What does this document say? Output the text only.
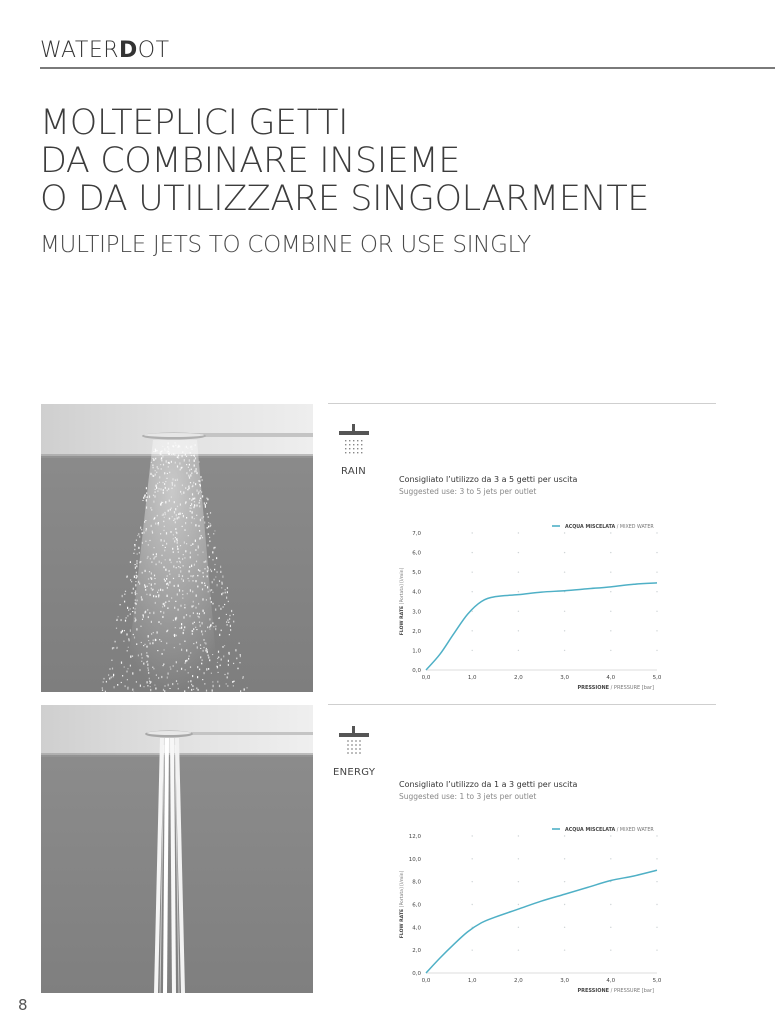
WATERDOT
MOLTEPLICI GETTI
DA COMBINARE INSIEME
O DA UTILIZZARE SINGOLARMENTE
MULTIPLE JETS TO COMBINE OR USE SINGLY
RAIN
Consigliato l’utilizzo da 3 a 5 getti per uscita
Suggested use: 3 to 5 jets per outlet
0,0	1,0	2,0	3,0	4,0	5,0
0,0
1,0
2,0
3,0
4,0
5,0
6,0
7,0
FLOW RATE [Portata] [l/min]
PRESSIONE / PRESSURE [bar]
ACQUA MISCELATA / MIXED WATER
ENERGY
Consigliato l’utilizzo da 1 a 3 getti per uscita
Suggested use: 1 to 3 jets per outlet
0,0	1,0	2,0	3,0	4,0	5,0
0,0
2,0
4,0
6,0
8,0
10,0
12,0
FLOW RATE [Portata] [l/min]
PRESSIONE / PRESSURE [bar]
ACQUA MISCELATA / MIXED WATER
8
